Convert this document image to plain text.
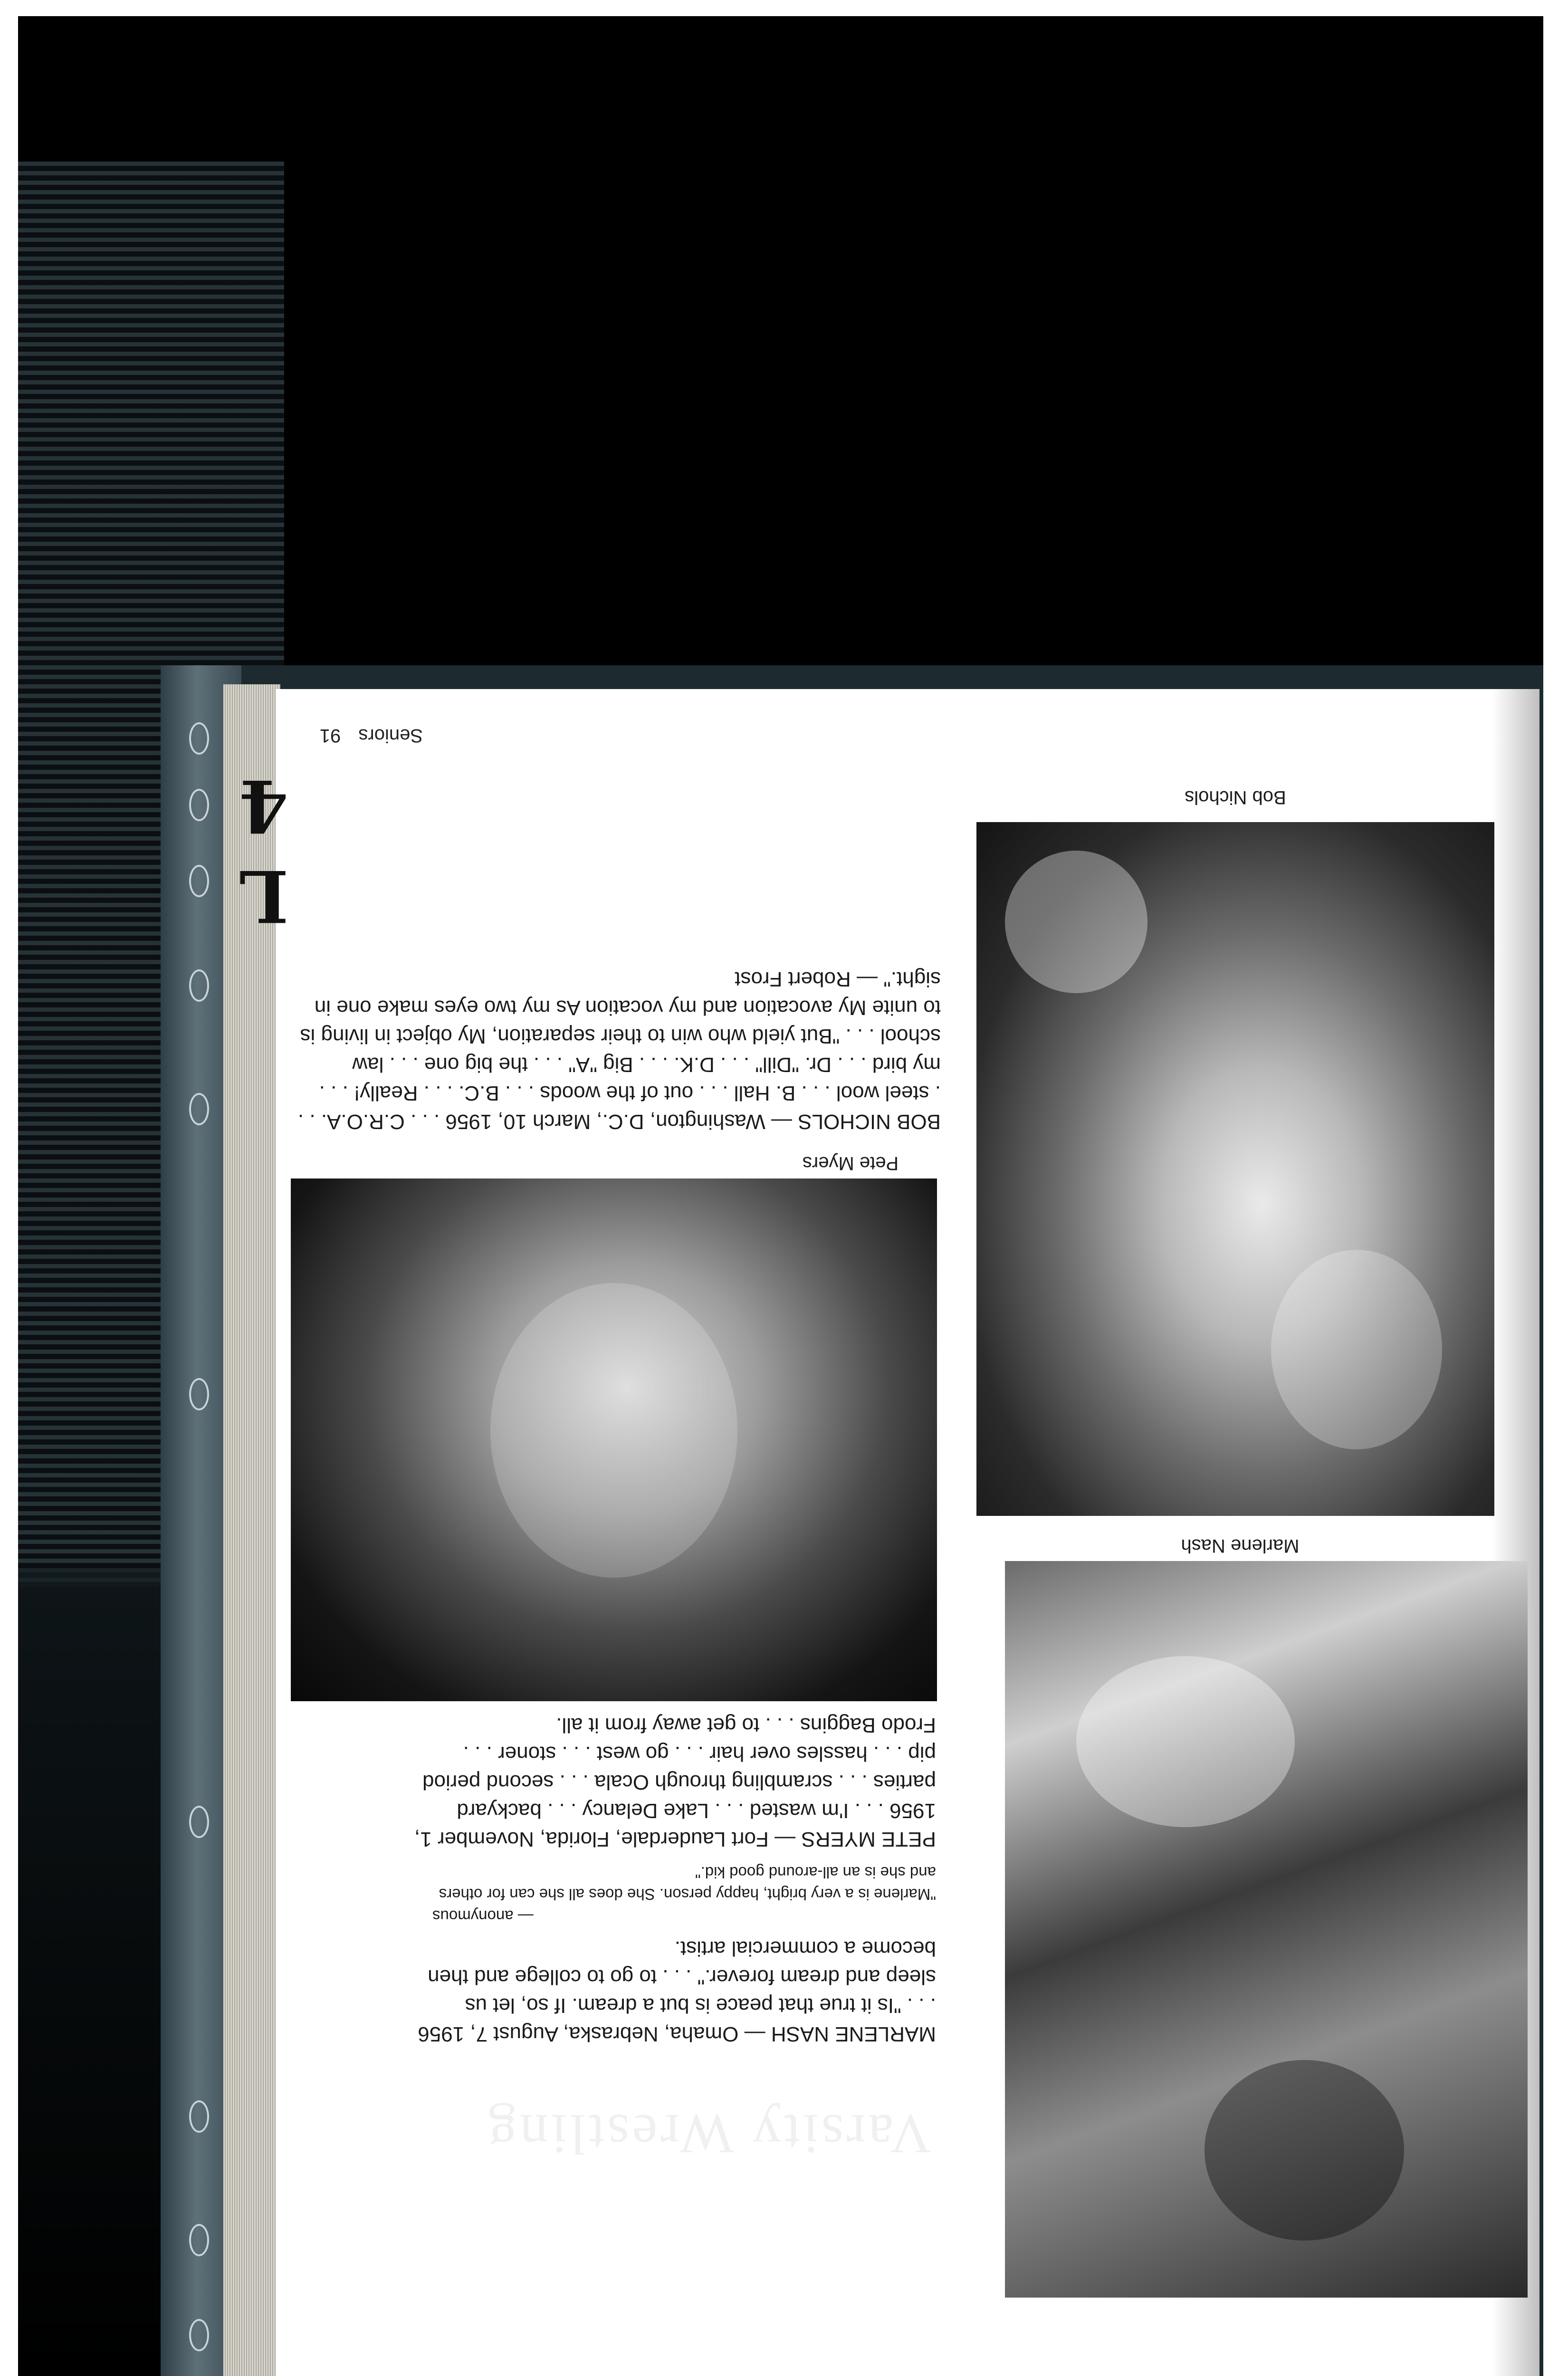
L 4
Seniors 91
Bob Nichols
BOB NICHOLS — Washington, D.C., March 10, 1956 . . . C.R.O.A. . . . steel wool . . . B. Hall . . . out of the woods . . . B.C. . . . Really! . . . my bird . . . Dr. "Dill" . . . D.K. . . . Big "A" . . . the big one . . . law school . . . "But yield who win to their separation, My object in living is to unite My avocation and my vocation As my two eyes make one in sight." — Robert Frost
Pete Myers
Marlene Nash
PETE MYERS — Fort Lauderdale, Florida, November 1, 1956 . . . I'm wasted . . . Lake Delancy . . . backyard parties . . . scrambling through Ocala . . . second period pip . . . hassles over hair . . . go west . . . stoner . . . Frodo Baggins . . . to get away from it all.
— anonymous
"Marlene is a very bright, happy person. She does all she can for others and she is an all-around good kid."
MARLENE NASH — Omaha, Nebraska, August 7, 1956 . . . "Is it true that peace is but a dream. If so, let us sleep and dream forever." . . . to go to college and then become a commercial artist.
Varsity Wrestling
